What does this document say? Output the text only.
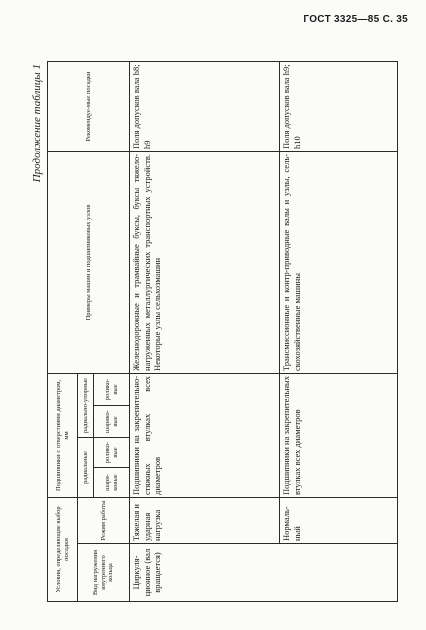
ГОСТ 3325—85 С. 35
Продолжение таблицы 1
Условия, определяющие выбор посадки		Подшипники с отверстиями диаметром, мм				Примеры машин и подшипниковых узлов	Рекомендуе-мые посадки
Вид нагружения внутреннего кольца	Режим работы	радиальные		радиально-упорные			
		шари-ковые	ролико-вые	шарико-вые	ролико-вые		
Циркуля-ционное (вал вращается)	Тяжелая и ударная нагрузка	Подшипники на закрепительно-стяжных втулках всех диаметров				Железнодорожные и трамвайные буксы, буксы тяжело-нагруженных металлургических транспортных устройств. Некоторые узлы сельхозмашин	Поля допусков вала h8; h9
	Нормаль-ный	Подшипники на закрепительных втулках всех диаметров				Трансмиссионные и контр-приводные валы и узлы, сель-скохозяйственные машины	Поля допусков вала h9; h10
